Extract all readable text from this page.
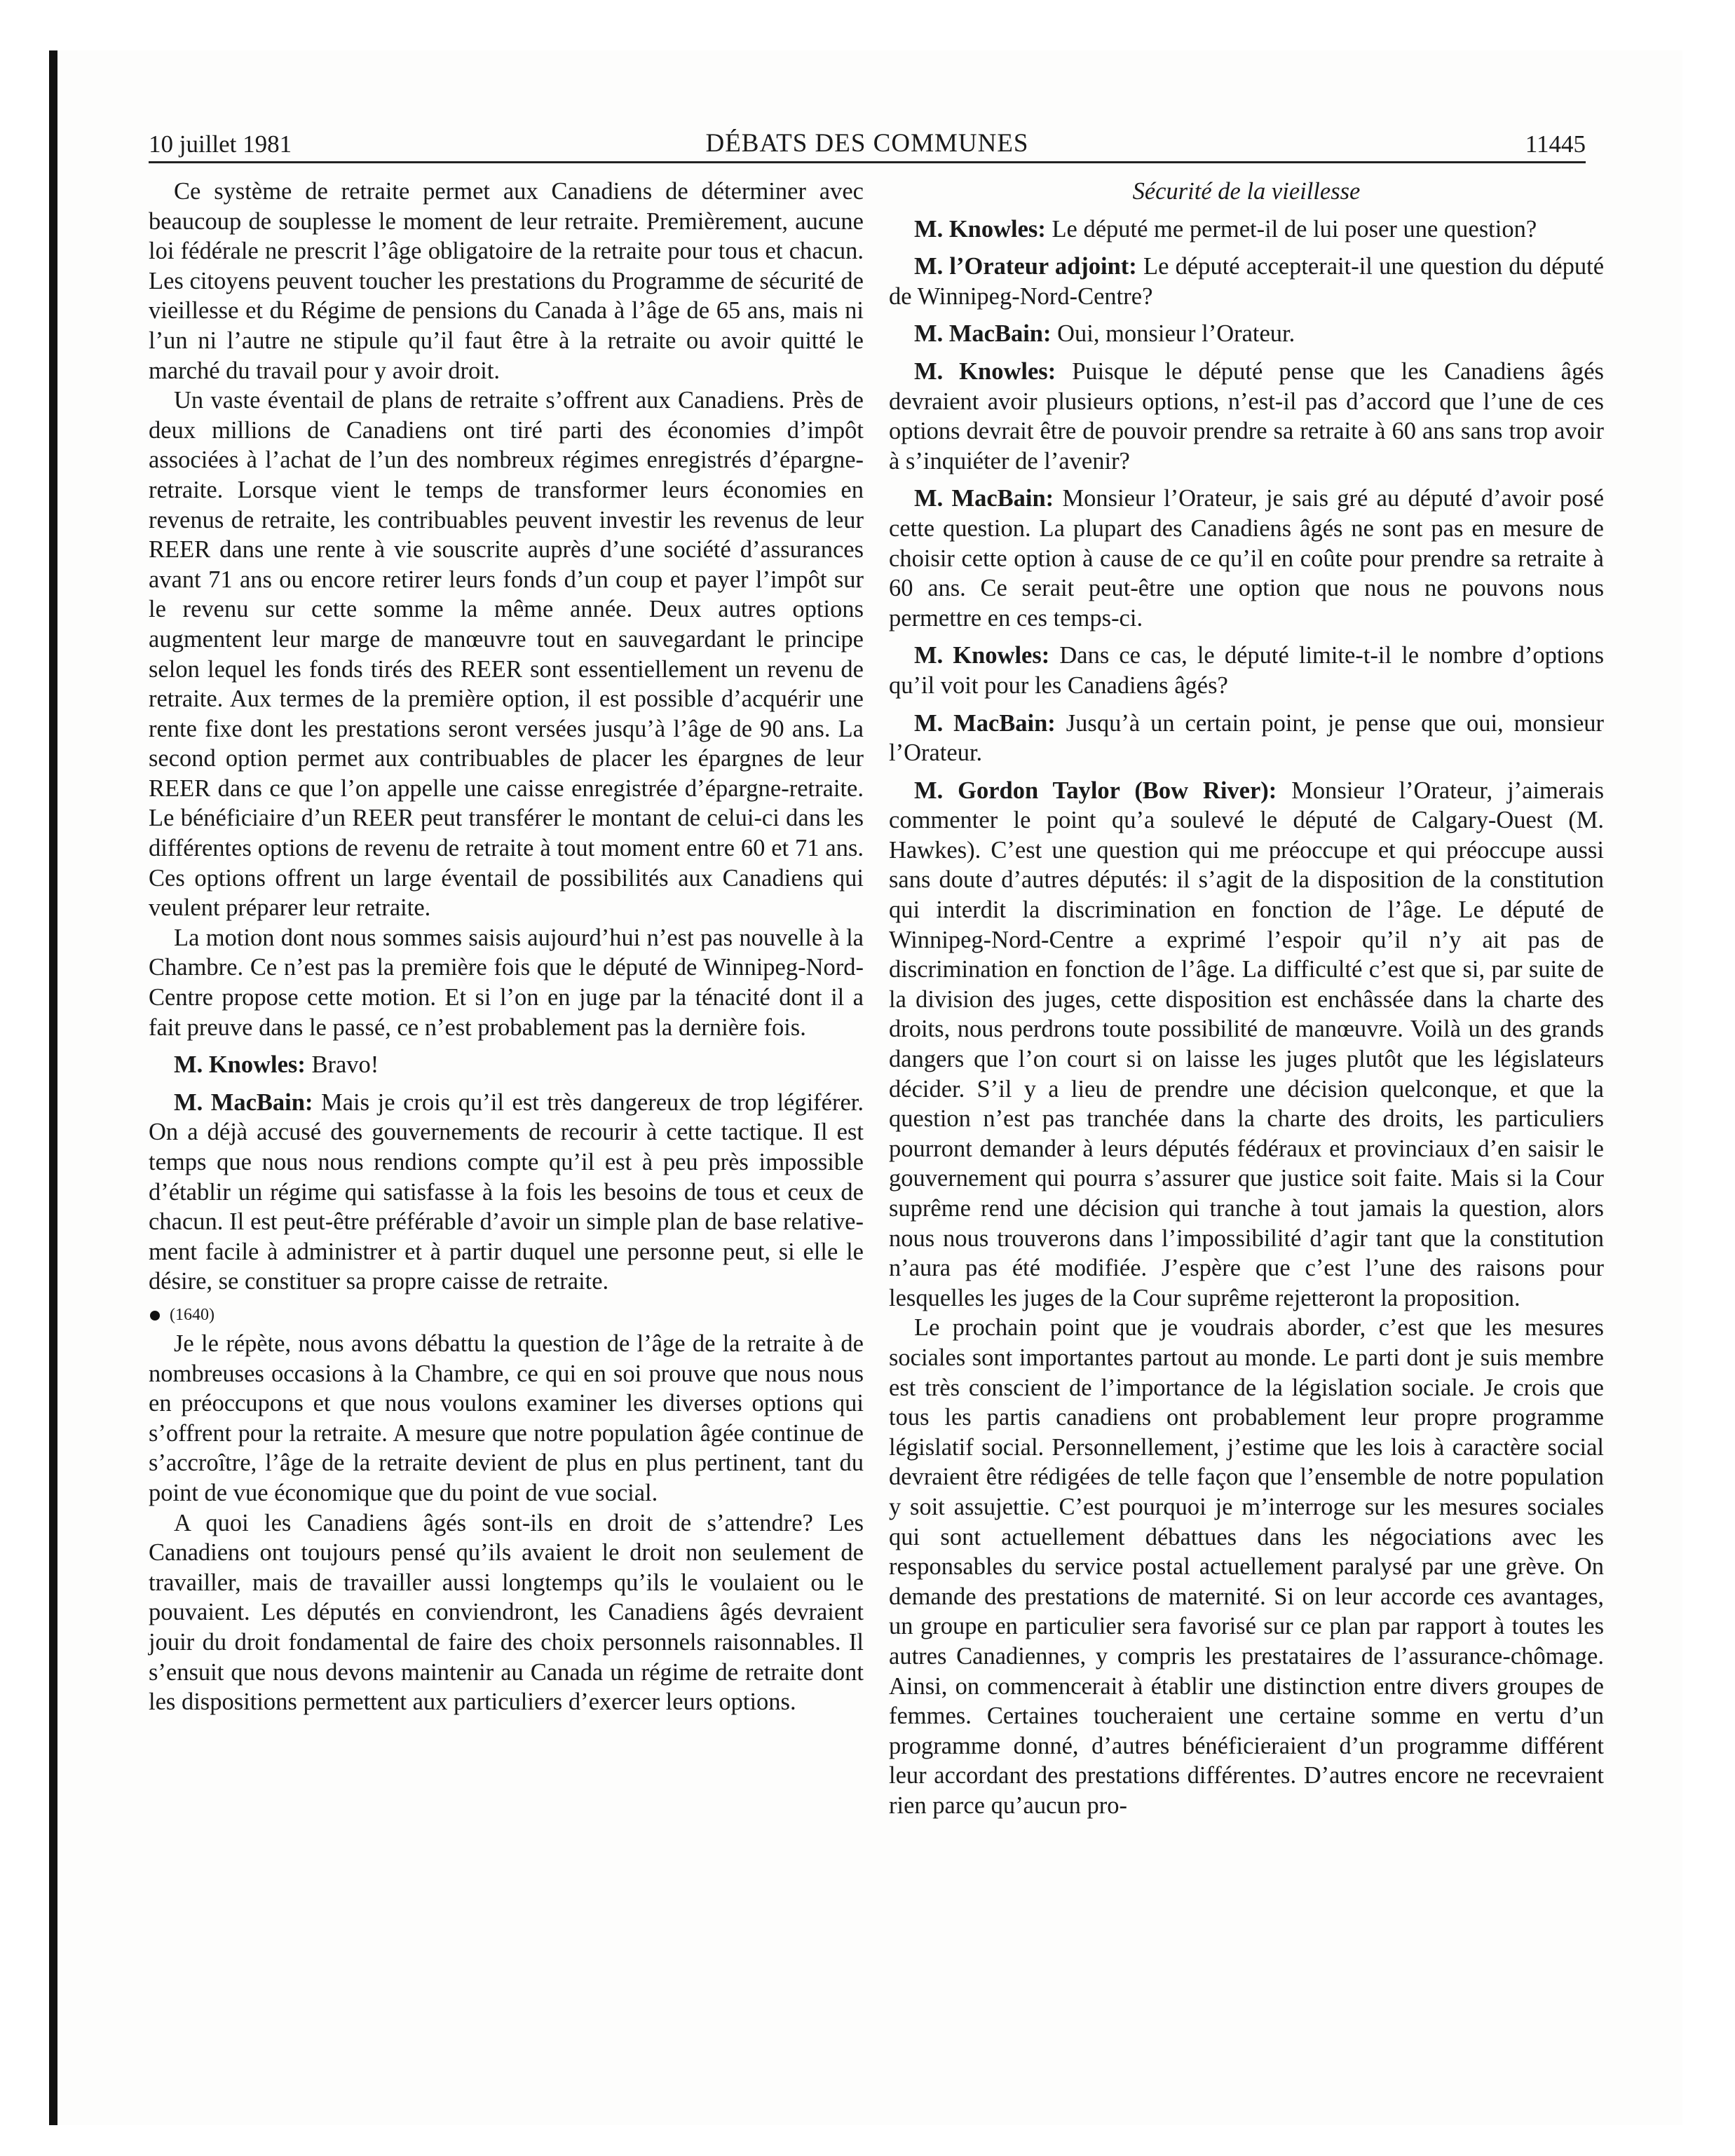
10 juillet 1981	DÉBATS DES COMMUNES	11445

Ce système de retraite permet aux Canadiens de déterminer avec beaucoup de souplesse le moment de leur retraite. Premièrement, aucune loi fédérale ne prescrit l’âge obligatoire de la retraite pour tous et chacun. Les citoyens peuvent toucher les prestations du Programme de sécurité de vieillesse et du Régime de pensions du Canada à l’âge de 65 ans, mais ni l’un ni l’autre ne stipule qu’il faut être à la retraite ou avoir quitté le marché du travail pour y avoir droit.

Un vaste éventail de plans de retraite s’offrent aux Canadiens. Près de deux millions de Canadiens ont tiré parti des économies d’impôt associées à l’achat de l’un des nombreux régimes enregistrés d’épargne-retraite. Lorsque vient le temps de transformer leurs économies en revenus de retraite, les contribuables peuvent investir les revenus de leur REER dans une rente à vie souscrite auprès d’une société d’assurances avant 71 ans ou encore retirer leurs fonds d’un coup et payer l’impôt sur le revenu sur cette somme la même année. Deux autres options augmentent leur marge de manœuvre tout en sauvegardant le principe selon lequel les fonds tirés des REER sont essentiellement un revenu de retraite. Aux termes de la première option, il est possible d’acquérir une rente fixe dont les prestations seront versées jusqu’à l’âge de 90 ans. La second option permet aux contribuables de placer les épargnes de leur REER dans ce que l’on appelle une caisse enregistrée d’épargne-retraite. Le bénéficiaire d’un REER peut transférer le montant de celui-ci dans les différentes options de revenu de retraite à tout moment entre 60 et 71 ans. Ces options offrent un large éventail de possibilités aux Canadiens qui veulent préparer leur retraite.

La motion dont nous sommes saisis aujourd’hui n’est pas nouvelle à la Chambre. Ce n’est pas la première fois que le député de Winnipeg-Nord-Centre propose cette motion. Et si l’on en juge par la ténacité dont il a fait preuve dans le passé, ce n’est probablement pas la dernière fois.

M. Knowles: Bravo!

M. MacBain: Mais je crois qu’il est très dangereux de trop légiférer. On a déjà accusé des gouvernements de recourir à cette tactique. Il est temps que nous nous rendions compte qu’il est à peu près impossible d’établir un régime qui satisfasse à la fois les besoins de tous et ceux de chacun. Il est peut-être préférable d’avoir un simple plan de base relativement facile à administrer et à partir duquel une personne peut, si elle le désire, se constituer sa propre caisse de retraite.

(1640)

Je le répète, nous avons débattu la question de l’âge de la retraite à de nombreuses occasions à la Chambre, ce qui en soi prouve que nous nous en préoccupons et que nous voulons examiner les diverses options qui s’offrent pour la retraite. A mesure que notre population âgée continue de s’accroître, l’âge de la retraite devient de plus en plus pertinent, tant du point de vue économique que du point de vue social.

A quoi les Canadiens âgés sont-ils en droit de s’attendre? Les Canadiens ont toujours pensé qu’ils avaient le droit non seulement de travailler, mais de travailler aussi longtemps qu’ils le voulaient ou le pouvaient. Les députés en conviendront, les Canadiens âgés devraient jouir du droit fondamental de faire des choix personnels raisonnables. Il s’ensuit que nous devons maintenir au Canada un régime de retraite dont les dispositions permettent aux particuliers d’exercer leurs options.

Sécurité de la vieillesse

M. Knowles: Le député me permet-il de lui poser une question?

M. l’Orateur adjoint: Le député accepterait-il une question du député de Winnipeg-Nord-Centre?

M. MacBain: Oui, monsieur l’Orateur.

M. Knowles: Puisque le député pense que les Canadiens âgés devraient avoir plusieurs options, n’est-il pas d’accord que l’une de ces options devrait être de pouvoir prendre sa retraite à 60 ans sans trop avoir à s’inquiéter de l’avenir?

M. MacBain: Monsieur l’Orateur, je sais gré au député d’avoir posé cette question. La plupart des Canadiens âgés ne sont pas en mesure de choisir cette option à cause de ce qu’il en coûte pour prendre sa retraite à 60 ans. Ce serait peut-être une option que nous ne pouvons nous permettre en ces temps-ci.

M. Knowles: Dans ce cas, le député limite-t-il le nombre d’options qu’il voit pour les Canadiens âgés?

M. MacBain: Jusqu’à un certain point, je pense que oui, monsieur l’Orateur.

M. Gordon Taylor (Bow River): Monsieur l’Orateur, j’aimerais commenter le point qu’a soulevé le député de Calgary-Ouest (M. Hawkes). C’est une question qui me préoccupe et qui préoccupe aussi sans doute d’autres députés: il s’agit de la disposition de la constitution qui interdit la discrimination en fonction de l’âge. Le député de Winnipeg-Nord-Centre a exprimé l’espoir qu’il n’y ait pas de discrimination en fonction de l’âge. La difficulté c’est que si, par suite de la division des juges, cette disposition est enchâssée dans la charte des droits, nous perdrons toute possibilité de manœuvre. Voilà un des grands dangers que l’on court si on laisse les juges plutôt que les législateurs décider. S’il y a lieu de prendre une décision quelconque, et que la question n’est pas tranchée dans la charte des droits, les particuliers pourront demander à leurs députés fédéraux et provinciaux d’en saisir le gouvernement qui pourra s’assurer que justice soit faite. Mais si la Cour suprême rend une décision qui tranche à tout jamais la question, alors nous nous trouverons dans l’impossibilité d’agir tant que la constitution n’aura pas été modifiée. J’espère que c’est l’une des raisons pour lesquelles les juges de la Cour suprême rejetteront la proposition.

Le prochain point que je voudrais aborder, c’est que les mesures sociales sont importantes partout au monde. Le parti dont je suis membre est très conscient de l’importance de la législation sociale. Je crois que tous les partis canadiens ont probablement leur propre programme législatif social. Personnellement, j’estime que les lois à caractère social devraient être rédigées de telle façon que l’ensemble de notre population y soit assujettie. C’est pourquoi je m’interroge sur les mesures sociales qui sont actuellement débattues dans les négociations avec les responsables du service postal actuellement paralysé par une grève. On demande des prestations de maternité. Si on leur accorde ces avantages, un groupe en particulier sera favorisé sur ce plan par rapport à toutes les autres Canadiennes, y compris les prestataires de l’assurance-chômage. Ainsi, on commencerait à établir une distinction entre divers groupes de femmes. Certaines toucheraient une certaine somme en vertu d’un programme donné, d’autres bénéficieraient d’un programme différent leur accordant des prestations différentes. D’autres encore ne recevraient rien parce qu’aucun pro-
